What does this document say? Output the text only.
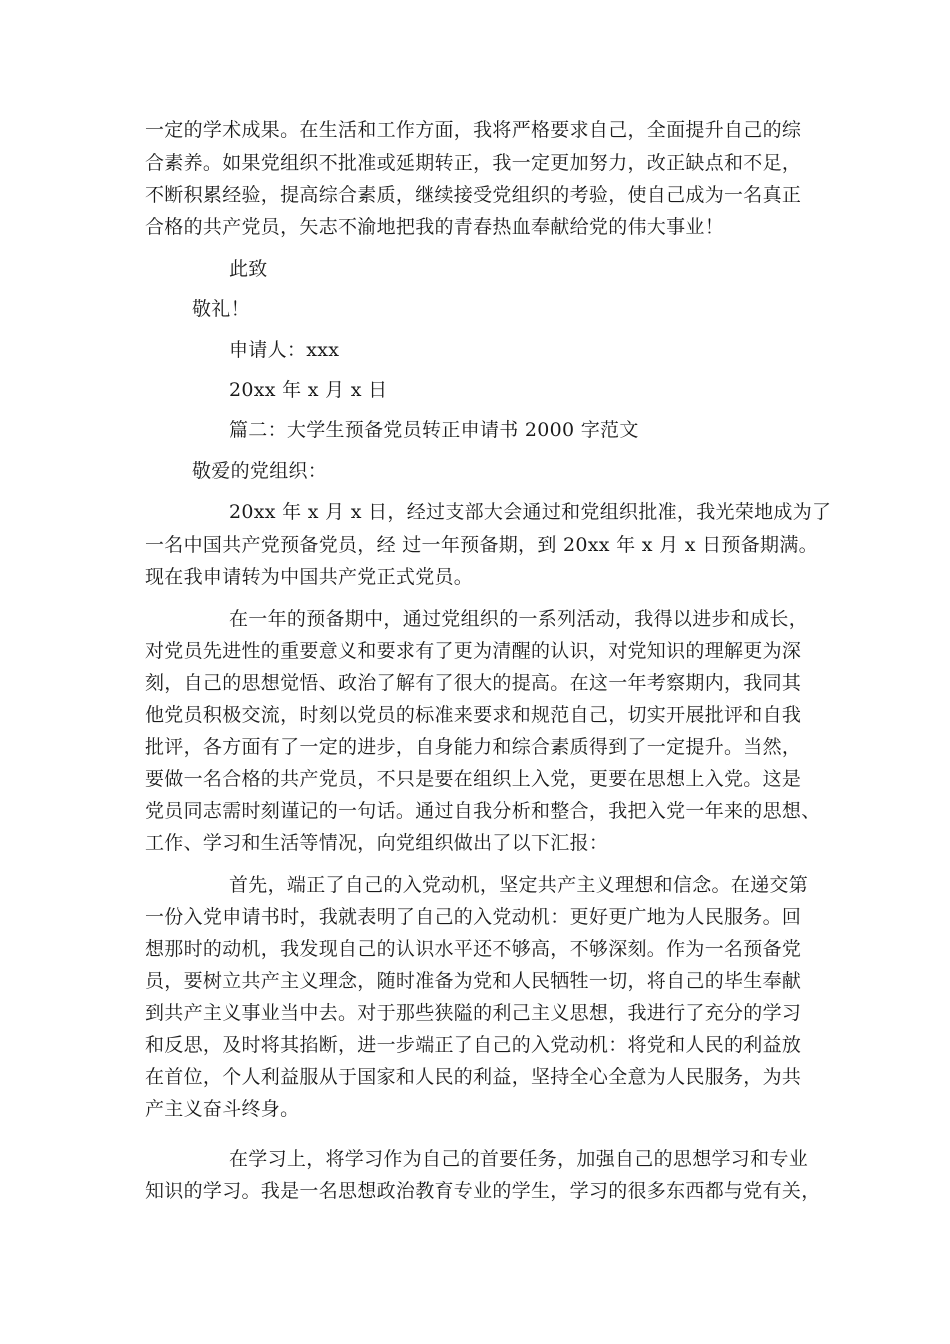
一定的学术成果。在生活和工作方面，我将严格要求自己，全面提升自己的综
合素养。如果党组织不批准或延期转正，我一定更加努力，改正缺点和不足，
不断积累经验，提高综合素质，继续接受党组织的考验，使自己成为一名真正
合格的共产党员，矢志不渝地把我的青春热血奉献给党的伟大事业！
此致
敬礼！
申请人：xxx
20xx 年 x 月 x 日
篇二：大学生预备党员转正申请书 2000 字范文
敬爱的党组织：
20xx 年 x 月 x 日，经过支部大会通过和党组织批准，我光荣地成为了
一名中国共产党预备党员，经 过一年预备期，到 20xx 年 x 月 x 日预备期满。
现在我申请转为中国共产党正式党员。
在一年的预备期中，通过党组织的一系列活动，我得以进步和成长，
对党员先进性的重要意义和要求有了更为清醒的认识，对党知识的理解更为深
刻，自己的思想觉悟、政治了解有了很大的提高。在这一年考察期内，我同其
他党员积极交流，时刻以党员的标准来要求和规范自己，切实开展批评和自我
批评，各方面有了一定的进步，自身能力和综合素质得到了一定提升。当然，
要做一名合格的共产党员，不只是要在组织上入党，更要在思想上入党。这是
党员同志需时刻谨记的一句话。通过自我分析和整合，我把入党一年来的思想、
工作、学习和生活等情况，向党组织做出了以下汇报：
首先，端正了自己的入党动机，坚定共产主义理想和信念。在递交第
一份入党申请书时，我就表明了自己的入党动机：更好更广地为人民服务。回
想那时的动机，我发现自己的认识水平还不够高，不够深刻。作为一名预备党
员，要树立共产主义理念，随时准备为党和人民牺牲一切，将自己的毕生奉献
到共产主义事业当中去。对于那些狭隘的利己主义思想，我进行了充分的学习
和反思，及时将其掐断，进一步端正了自己的入党动机：将党和人民的利益放
在首位，个人利益服从于国家和人民的利益，坚持全心全意为人民服务，为共
产主义奋斗终身。
在学习上，将学习作为自己的首要任务，加强自己的思想学习和专业
知识的学习。我是一名思想政治教育专业的学生，学习的很多东西都与党有关，
